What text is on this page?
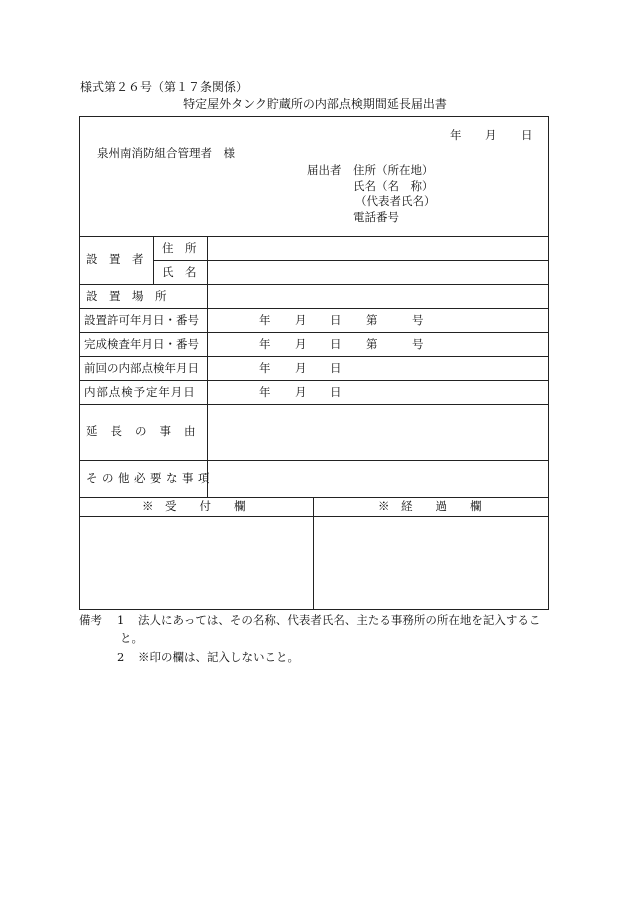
様式第２６号（第１７条関係）
特定屋外タンク貯蔵所の内部点検期間延長届出書
年 月 日
泉州南消防組合管理者　様
届出者 住所（所在地）
氏名（名　称）
（代表者氏名）
電話番号
設　置　者
住　所
氏　名
設　置　場　所
設置許可年月日・番号	年 月 日 第	号
完成検査年月日・番号	年 月 日 第	号
前回の内部点検年月日	年 月 日
内部点検予定年月日	年 月 日
延長の事由
その他必要な事項
※　受　　付　　欄	※　経　　過　　欄
備考 1 法人にあっては、その名称、代表者氏名、主たる事務所の所在地を記入するこ
と。
2 ※印の欄は、記入しないこと。
